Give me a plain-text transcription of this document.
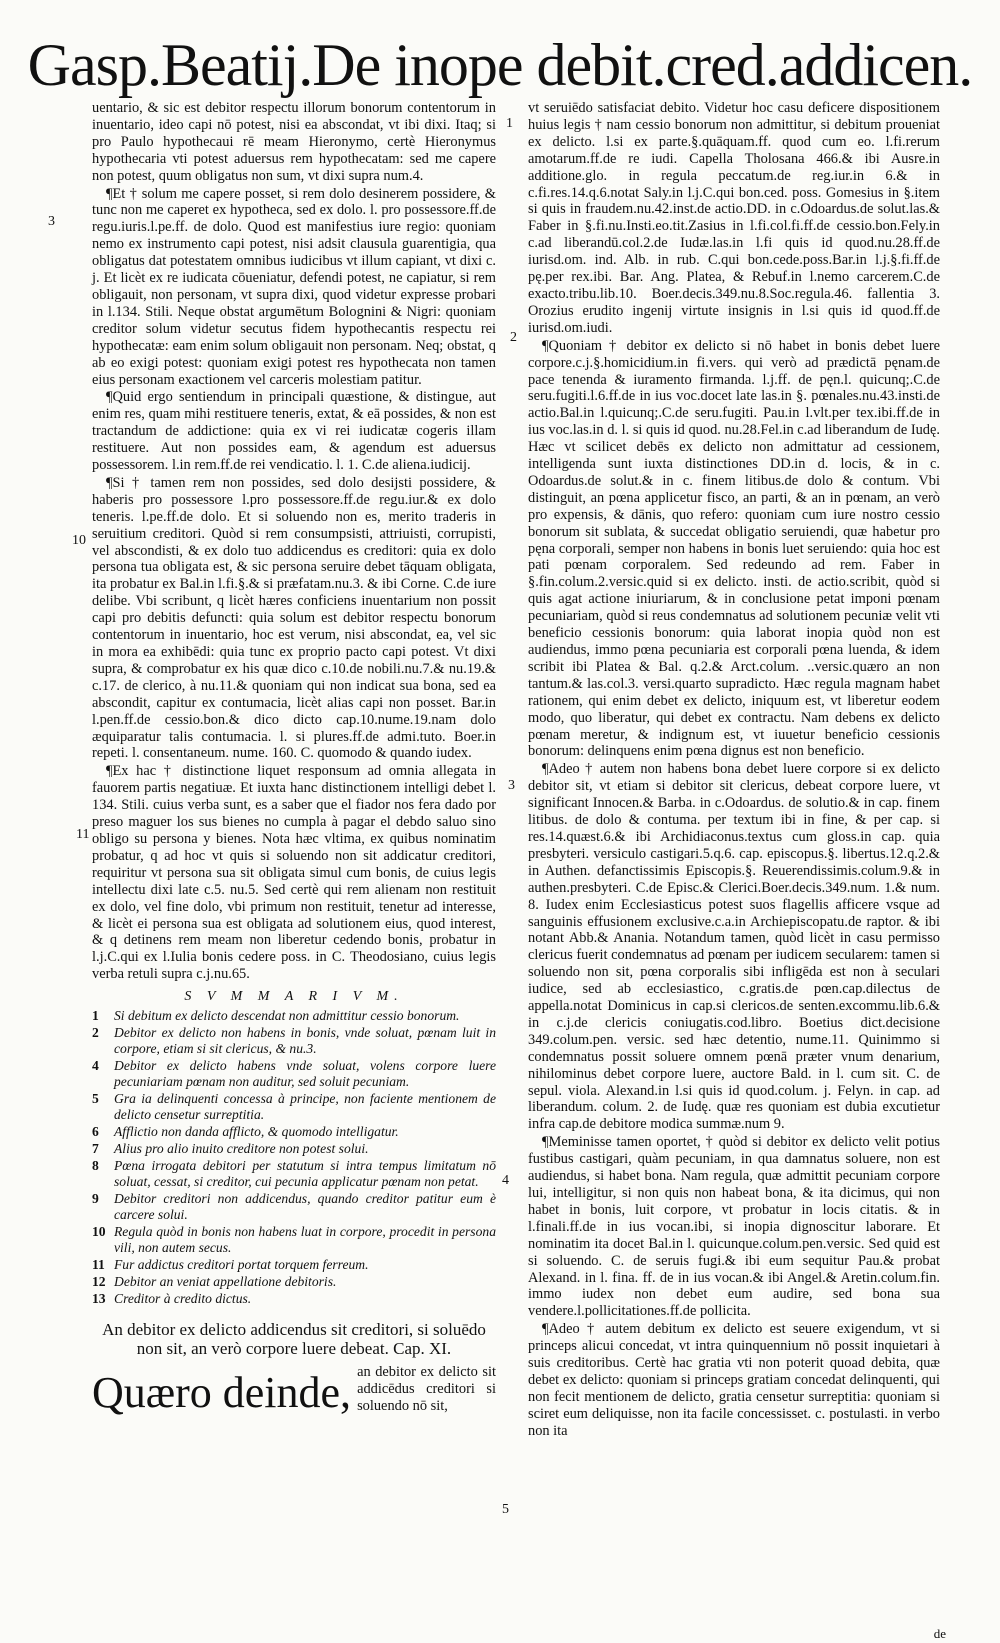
Gasp.Beatij.De inope debit.cred.addicen.
3
10
11
1
2
3
4
5

uentario, & sic est debitor respectu illorum bonorum contentorum in inuentario, ideo capi nō potest, nisi ea abscondat, vt ibi dixi. Itaq; si pro Paulo hypothecaui rē meam Hieronymo, certè Hieronymus hypothecaria vti potest aduersus rem hypothecatam: sed me capere non potest, quum obligatus non sum, vt dixi supra num.4.

¶Et † solum me capere posset, si rem dolo desinerem possidere, & tunc non me caperet ex hypotheca, sed ex dolo. l. pro possessore.ff.de regu.iuris.l.pe.ff. de dolo. Quod est manifestius iure regio: quoniam nemo ex instrumento capi potest, nisi adsit clausula guarentigia, qua obligatus dat potestatem omnibus iudicibus vt illum capiant, vt dixi c. j. Et licèt ex re iudicata cōueniatur, defendi potest, ne capiatur, si rem obligauit, non personam, vt supra dixi, quod videtur expresse probari in l.134. Stili. Neque obstat argumētum Bolognini & Nigri: quoniam creditor solum videtur secutus fidem hypothecantis respectu rei hypothecatæ: eam enim solum obligauit non personam. Neq; obstat, q ab eo exigi potest: quoniam exigi potest res hypothecata non tamen eius personam exactionem vel carceris molestiam patitur.

¶Quid ergo sentiendum in principali quæstione, & distingue, aut enim res, quam mihi restituere teneris, extat, & eā possides, & non est tractandum de addictione: quia ex vi rei iudicatæ cogeris illam restituere. Aut non possides eam, & agendum est aduersus possessorem. l.in rem.ff.de rei vendicatio. l. 1. C.de aliena.iudicij.

¶Si † tamen rem non possides, sed dolo desijsti possidere, & haberis pro possessore l.pro possessore.ff.de regu.iur.& ex dolo teneris. l.pe.ff.de dolo. Et si soluendo non es, merito traderis in seruitium creditori. Quòd si rem consumpsisti, attriuisti, corrupisti, vel abscondisti, & ex dolo tuo addicendus es creditori: quia ex dolo persona tua obligata est, & sic persona seruire debet tāquam obligata, ita probatur ex Bal.in l.fi.§.& si præfatam.nu.3. & ibi Corne. C.de iure delibe. Vbi scribunt, q licèt hæres conficiens inuentarium non possit capi pro debitis defuncti: quia solum est debitor respectu bonorum contentorum in inuentario, hoc est verum, nisi abscondat, ea, vel sic in mora ea exhibēdi: quia tunc ex proprio pacto capi potest. Vt dixi supra, & comprobatur ex his quæ dico c.10.de nobili.nu.7.& nu.19.& c.17. de clerico, à nu.11.& quoniam qui non indicat sua bona, sed ea abscondit, capitur ex contumacia, licèt alias capi non posset. Bar.in l.pen.ff.de cessio.bon.& dico dicto cap.10.nume.19.nam dolo æquiparatur talis contumacia. l. si plures.ff.de admi.tuto. Boer.in repeti. l. consentaneum. nume. 160. C. quomodo & quando iudex.

¶Ex hac † distinctione liquet responsum ad omnia allegata in fauorem partis negatiuæ. Et iuxta hanc distinctionem intelligi debet l. 134. Stili. cuius verba sunt, es a saber que el fiador nos fera dado por preso maguer los sus bienes no cumpla à pagar el debdo saluo sino obligo su persona y bienes. Nota hæc vltima, ex quibus nominatim probatur, q ad hoc vt quis si soluendo non sit addicatur creditori, requiritur vt persona sua sit obligata simul cum bonis, de cuius legis intellectu dixi late c.5. nu.5. Sed certè qui rem alienam non restituit ex dolo, vel fine dolo, vbi primum non restituit, tenetur ad interesse, & licèt ei persona sua est obligata ad solutionem eius, quod interest, & q detinens rem meam non liberetur cedendo bonis, probatur in l.j.C.qui ex l.Iulia bonis cedere poss. in C. Theodosiano, cuius legis verba retuli supra c.j.nu.65.

S V M M A R I V M.
1	Si debitum ex delicto descendat non admittitur cessio bonorum.
2	Debitor ex delicto non habens in bonis, vnde soluat, pœnam luit in corpore, etiam si sit clericus, & nu.3.
4	Debitor ex delicto habens vnde soluat, volens corpore luere pecuniariam pœnam non auditur, sed soluit pecuniam.
5	Gra ia delinquenti concessa à principe, non faciente mentionem de delicto censetur surreptitia.
6	Afflictio non danda afflicto, & quomodo intelligatur.
7	Alius pro alio inuito creditore non potest solui.
8	Pœna irrogata debitori per statutum si intra tempus limitatum nō soluat, cessat, si creditor, cui pecunia applicatur pœnam non petat.
9	Debitor creditori non addicendus, quando creditor patitur eum è carcere solui.
10 Regula quòd in bonis non habens luat in corpore, procedit in persona vili, non autem secus.
11 Fur addictus creditori portat torquem ferreum.
12 Debitor an veniat appellatione debitoris.
13 Creditor à credito dictus.
An debitor ex delicto addicendus sit creditori, si soluēdo non sit, an verò corpore luere debeat. Cap. XI.
Quæro deinde, an debitor ex delicto sit addicēdus creditori si soluendo nō sit,

vt seruiēdo satisfaciat debito. Videtur hoc casu deficere dispositionem huius legis † nam cessio bonorum non admittitur, si debitum proueniat ex delicto. l.si ex parte.§.quāquam.ff. quod cum eo. l.fi.rerum amotarum.ff.de re iudi. Capella Tholosana 466.& ibi Ausre.in additione.glo. in regula peccatum.de reg.iur.in 6.& in c.fi.res.14.q.6.notat Saly.in l.j.C.qui bon.ced. poss. Gomesius in §.item si quis in fraudem.nu.42.inst.de actio.DD. in c.Odoardus.de solut.las.& Faber in §.fi.nu.Insti.eo.tit.Zasius in l.fi.col.fi.ff.de cessio.bon.Fely.in c.ad liberandū.col.2.de Iudæ.las.in l.fi quis id quod.nu.28.ff.de iurisd.om. ind. Alb. in rub. C.qui bon.cede.poss.Bar.in l.j.§.fi.ff.de pę.per rex.ibi. Bar. Ang. Platea, & Rebuf.in l.nemo carcerem.C.de exacto.tribu.lib.10. Boer.decis.349.nu.8.Soc.regula.46. fallentia 3. Orozius erudito ingenij virtute insignis in l.si quis id quod.ff.de iurisd.om.iudi.

¶Quoniam † debitor ex delicto si nō habet in bonis debet luere corpore.c.j.§.homicidium.in fi.vers. qui verò ad prædictā pęnam.de pace tenenda & iuramento firmanda. l.j.ff. de pęn.l. quicunq;.C.de seru.fugiti.l.6.ff.de in ius voc.docet late las.in §. pœnales.nu.43.insti.de actio.Bal.in l.quicunq;.C.de seru.fugiti. Pau.in l.vlt.per tex.ibi.ff.de in ius voc.las.in d. l. si quis id quod. nu.28.Fel.in c.ad liberandum de Iudę. Hæc vt scilicet debēs ex delicto non admittatur ad cessionem, intelligenda sunt iuxta distinctiones DD.in d. locis, & in c. Odoardus.de solut.& in c. finem litibus.de dolo & contum. Vbi distinguit, an pœna applicetur fisco, an parti, & an in pœnam, an verò pro expensis, & dānis, quo refero: quoniam cum iure nostro cessio bonorum sit sublata, & succedat obligatio seruiendi, quæ habetur pro pęna corporali, semper non habens in bonis luet seruiendo: quia hoc est pati pœnam corporalem. Sed redeundo ad rem. Faber in §.fin.colum.2.versic.quid si ex delicto. insti. de actio.scribit, quòd si quis agat actione iniuriarum, & in conclusione petat imponi pœnam pecuniariam, quòd si reus condemnatus ad solutionem pecuniæ velit vti beneficio cessionis bonorum: quia laborat inopia quòd non est audiendus, immo pœna pecuniaria est corporali pœna luenda, & idem scribit ibi Platea & Bal. q.2.& Arct.colum. ..versic.quæro an non tantum.& las.col.3. versi.quarto supradicto. Hæc regula magnam habet rationem, qui enim debet ex delicto, iniquum est, vt liberetur eodem modo, quo liberatur, qui debet ex contractu. Nam debens ex delicto pœnam meretur, & indignum est, vt iuuetur beneficio cessionis bonorum: delinquens enim pœna dignus est non beneficio.

¶Adeo † autem non habens bona debet luere corpore si ex delicto debitor sit, vt etiam si debitor sit clericus, debeat corpore luere, vt significant Innocen.& Barba. in c.Odoardus. de solutio.& in cap. finem litibus. de dolo & contuma. per textum ibi in fine, & per cap. si res.14.quæst.6.& ibi Archidiaconus.textus cum gloss.in cap. quia presbyteri. versiculo castigari.5.q.6. cap. episcopus.§. libertus.12.q.2.& in Authen. defanctissimis Episcopis.§. Reuerendissimis.colum.9.& in authen.presbyteri. C.de Episc.& Clerici.Boer.decis.349.num. 1.& num. 8. Iudex enim Ecclesiasticus potest suos flagellis afficere vsque ad sanguinis effusionem exclusive.c.a.in Archiepiscopatu.de raptor. & ibi notant Abb.& Anania. Notandum tamen, quòd licèt in casu permisso clericus fuerit condemnatus ad pœnam per iudicem secularem: tamen si soluendo non sit, pœna corporalis sibi infligēda est non à seculari iudice, sed ab ecclesiastico, c.gratis.de pœn.cap.dilectus de appella.notat Dominicus in cap.si clericos.de senten.excommu.lib.6.& in c.j.de clericis coniugatis.cod.libro. Boetius dict.decisione 349.colum.pen. versic. sed hæc detentio, nume.11. Quinimmo si condemnatus possit soluere omnem pœnā præter vnum denarium, nihilominus debet corpore luere, auctore Bald. in l. cum sit. C. de sepul. viola. Alexand.in l.si quis id quod.colum. j. Felyn. in cap. ad liberandum. colum. 2. de Iudę. quæ res quoniam est dubia excutietur infra cap.de debitore modica summæ.num 9.

¶Meminisse tamen oportet, † quòd si debitor ex delicto velit potius fustibus castigari, quàm pecuniam, in qua damnatus soluere, non est audiendus, si habet bona. Nam regula, quæ admittit pecuniam corpore lui, intelligitur, si non quis non habeat bona, & ita dicimus, qui non habet in bonis, luit corpore, vt probatur in locis citatis. & in l.finali.ff.de in ius vocan.ibi, si inopia dignoscitur laborare. Et nominatim ita docet Bal.in l. quicunque.colum.pen.versic. Sed quid est si soluendo. C. de seruis fugi.& ibi eum sequitur Pau.& probat Alexand. in l. fina. ff. de in ius vocan.& ibi Angel.& Aretin.colum.fin. immo iudex non debet eum audire, sed bona sua vendere.l.pollicitationes.ff.de pollicita.

¶Adeo † autem debitum ex delicto est seuere exigendum, vt si princeps alicui concedat, vt intra quinquennium nō possit inquietari à suis creditoribus. Certè hac gratia vti non poterit quoad debita, quæ debet ex delicto: quoniam si princeps gratiam concedat delinquenti, qui non fecit mentionem de delicto, gratia censetur surreptitia: quoniam si sciret eum deliquisse, non ita facile concessisset. c. postulasti. in verbo non ita

de
